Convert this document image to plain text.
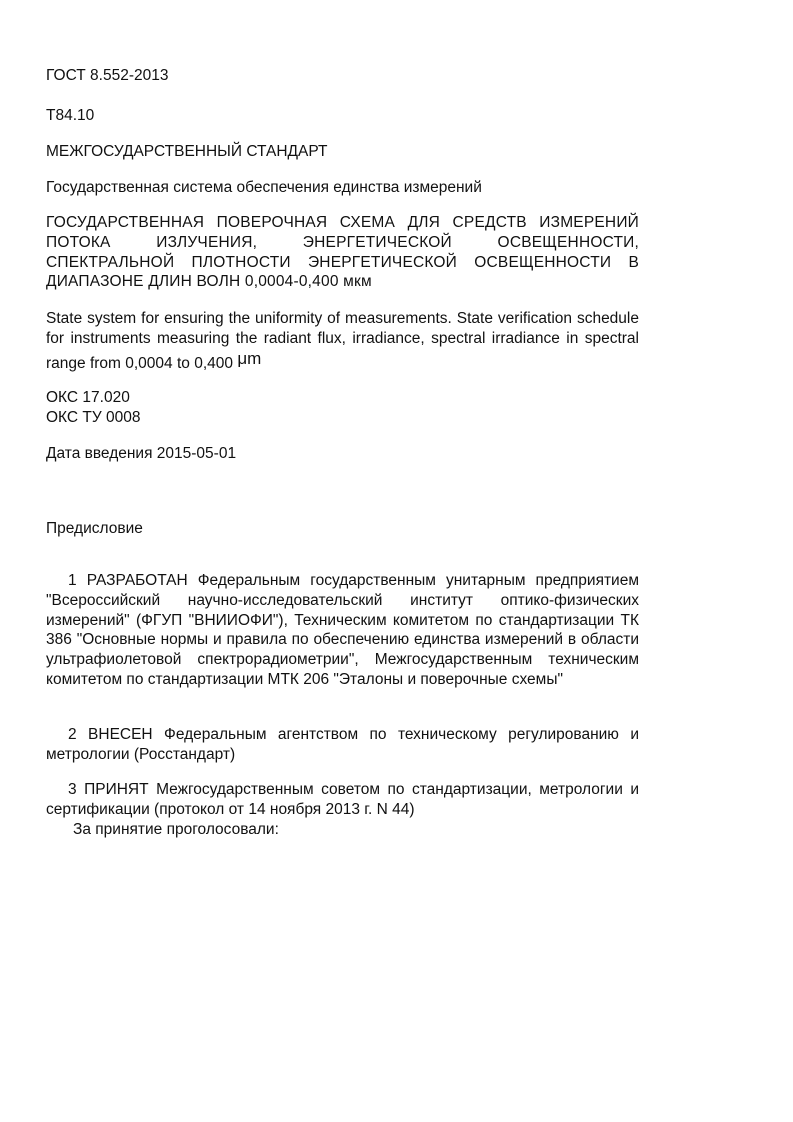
ГОСТ 8.552-2013
Т84.10
МЕЖГОСУДАРСТВЕННЫЙ СТАНДАРТ
Государственная система обеспечения единства измерений
ГОСУДАРСТВЕННАЯ ПОВЕРОЧНАЯ СХЕМА ДЛЯ СРЕДСТВ ИЗМЕРЕНИЙ ПОТОКА ИЗЛУЧЕНИЯ, ЭНЕРГЕТИЧЕСКОЙ ОСВЕЩЕННОСТИ, СПЕКТРАЛЬНОЙ ПЛОТНОСТИ ЭНЕРГЕТИЧЕСКОЙ ОСВЕЩЕННОСТИ В ДИАПАЗОНЕ ДЛИН ВОЛН 0,0004-0,400 мкм
State system for ensuring the uniformity of measurements. State verification schedule for instruments measuring the radiant flux, irradiance, spectral irradiance in spectral range from 0,0004 to 0,400 μm
ОКС 17.020
ОКС ТУ 0008
Дата введения 2015-05-01
Предисловие
1 РАЗРАБОТАН Федеральным государственным унитарным предприятием "Всероссийский научно-исследовательский институт оптико-физических измерений" (ФГУП "ВНИИОФИ"), Техническим комитетом по стандартизации ТК 386 "Основные нормы и правила по обеспечению единства измерений в области ультрафиолетовой спектрорадиометрии", Межгосударственным техническим комитетом по стандартизации МТК 206 "Эталоны и поверочные схемы"
2 ВНЕСЕН Федеральным агентством по техническому регулированию и метрологии (Росстандарт)
3 ПРИНЯТ Межгосударственным советом по стандартизации, метрологии и сертификации (протокол от 14 ноября 2013 г. N 44)
За принятие проголосовали:
